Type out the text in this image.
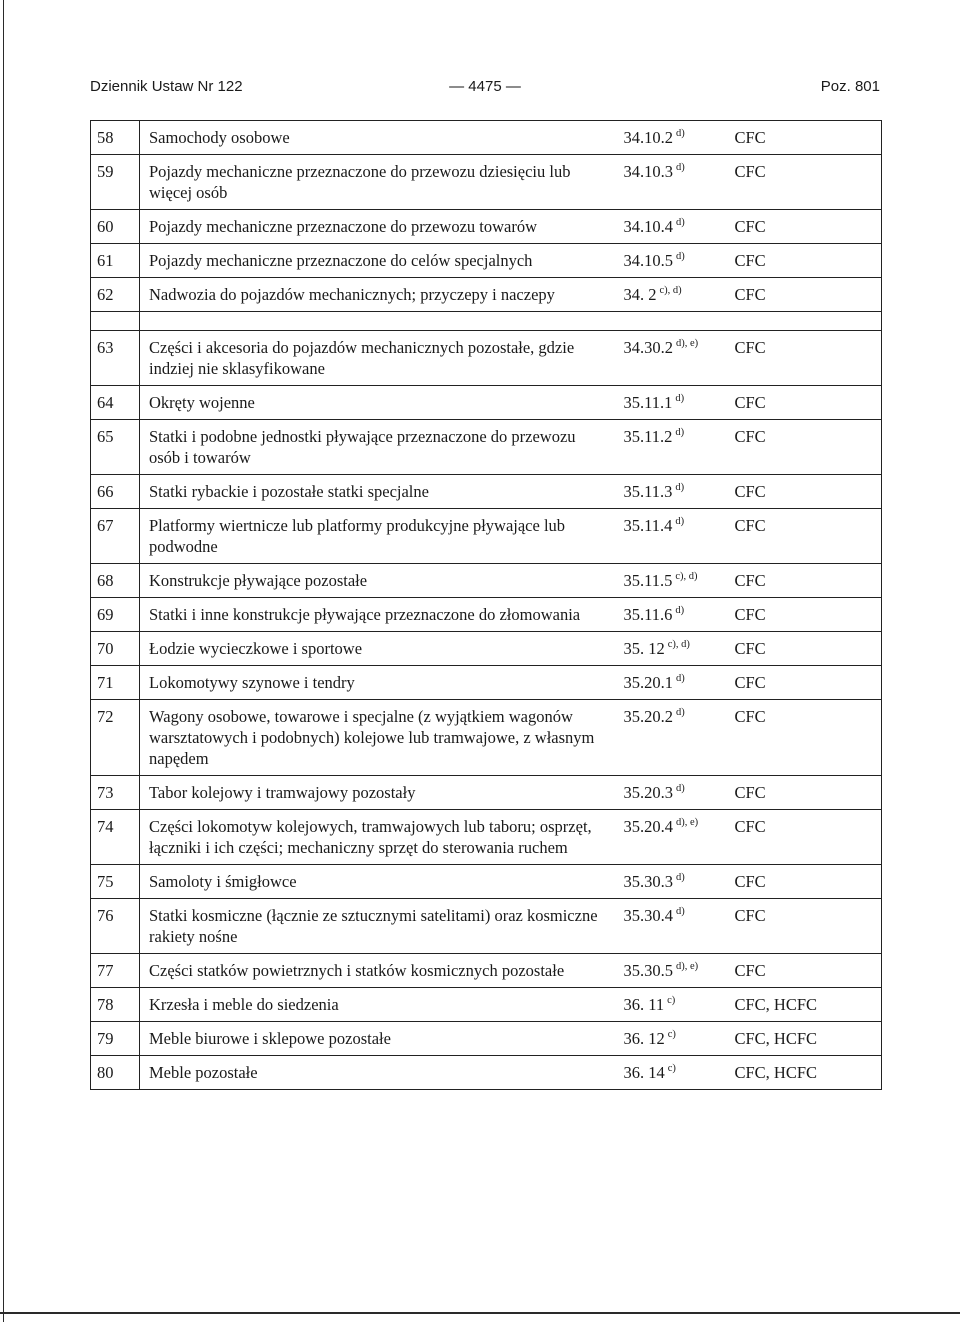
Dziennik Ustaw Nr 122	— 4475 —	Poz. 801
58	Samochody osobowe	34.10.2 $^{d)}$	CFC
59	Pojazdy mechaniczne przeznaczone do przewozu dziesięciu lub więcej osób	34.10.3 $^{d)}$	CFC
60	Pojazdy mechaniczne przeznaczone do przewozu towarów	34.10.4 $^{d)}$	CFC
61	Pojazdy mechaniczne przeznaczone do celów specjalnych	34.10.5 $^{d)}$	CFC
62	Nadwozia do pojazdów mechanicznych; przyczepy i naczepy	34. 2 $^{c), d)}$	CFC

63	Części i akcesoria do pojazdów mechanicznych pozostałe, gdzie indziej nie sklasyfikowane	34.30.2 $^{d), e)}$	CFC
64	Okręty wojenne	35.11.1 $^{d)}$	CFC
65	Statki i podobne jednostki pływające przeznaczone do przewozu osób i towarów	35.11.2 $^{d)}$	CFC
66	Statki rybackie i pozostałe statki specjalne	35.11.3 $^{d)}$	CFC
67	Platformy wiertnicze lub platformy produkcyjne pływające lub podwodne	35.11.4 $^{d)}$	CFC
68	Konstrukcje pływające pozostałe	35.11.5 $^{c), d)}$	CFC
69	Statki i inne konstrukcje pływające przeznaczone do złomowania	35.11.6 $^{d)}$	CFC
70	Łodzie wycieczkowe i sportowe	35. 12 $^{c), d)}$	CFC
71	Lokomotywy szynowe i tendry	35.20.1 $^{d)}$	CFC
72	Wagony osobowe, towarowe i specjalne (z wyjątkiem wagonów warsztatowych i podobnych) kolejowe lub tramwajowe, z własnym napędem	35.20.2 $^{d)}$	CFC
73	Tabor kolejowy i tramwajowy pozostały	35.20.3 $^{d)}$	CFC
74	Części lokomotyw kolejowych, tramwajowych lub taboru; osprzęt, łączniki i ich części; mechaniczny sprzęt do sterowania ruchem	35.20.4 $^{d), e)}$	CFC
75	Samoloty i śmigłowce	35.30.3 $^{d)}$	CFC
76	Statki kosmiczne (łącznie ze sztucznymi satelitami) oraz kosmiczne rakiety nośne	35.30.4 $^{d)}$	CFC
77	Części statków powietrznych i statków kosmicznych pozostałe	35.30.5 $^{d), e)}$	CFC
78	Krzesła i meble do siedzenia	36. 11 $^{c)}$	CFC, HCFC
79	Meble biurowe i sklepowe pozostałe	36. 12 $^{c)}$	CFC, HCFC
80	Meble pozostałe	36. 14 $^{c)}$	CFC, HCFC
